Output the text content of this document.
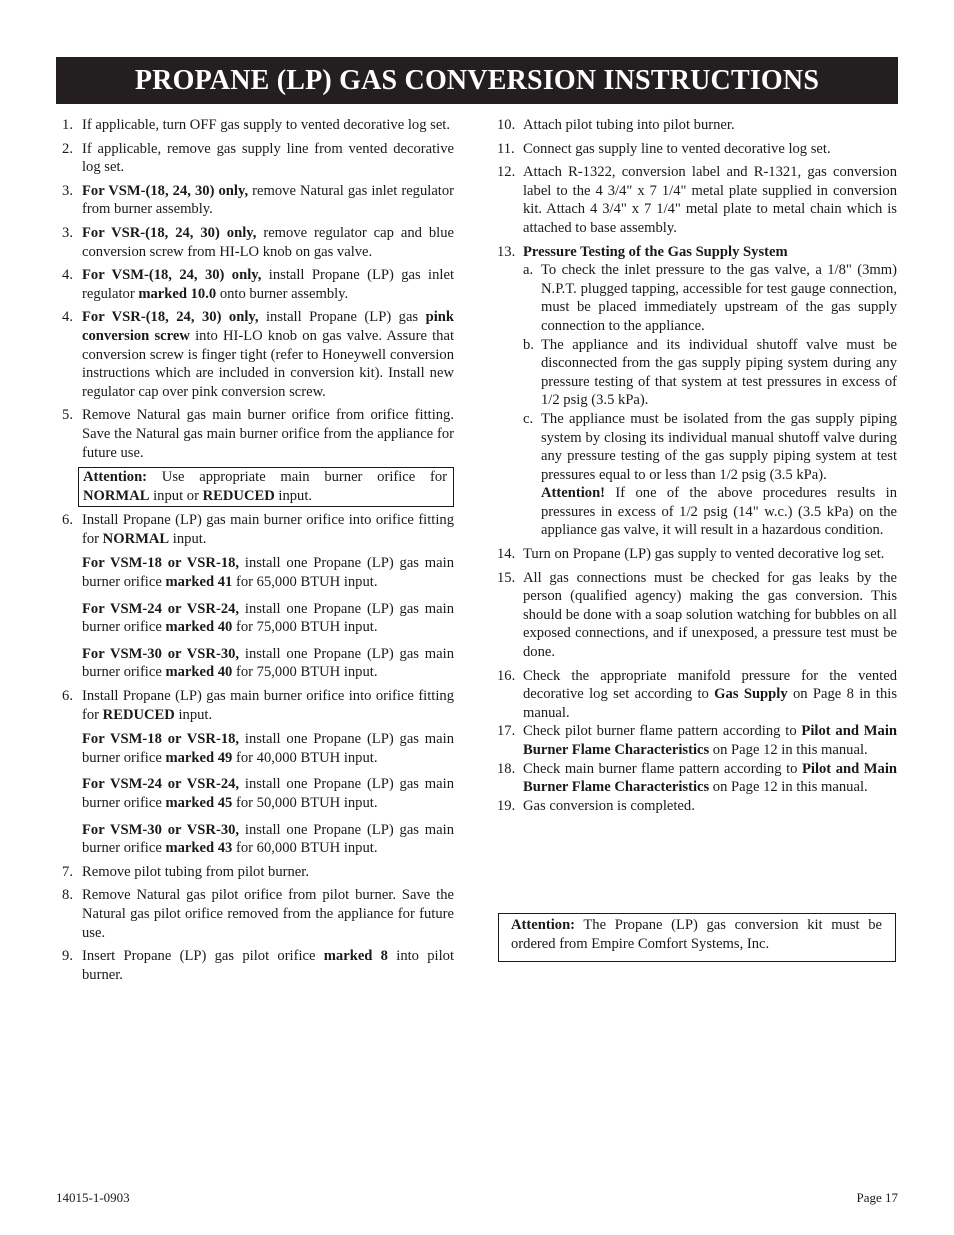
PROPANE (LP) GAS CONVERSION INSTRUCTIONS
1. If applicable, turn OFF gas supply to vented decorative log set.
2. If applicable, remove gas supply line from vented decorative log set.
3. For VSM-(18, 24, 30) only, remove Natural gas inlet regulator from burner assembly.
3. For VSR-(18, 24, 30) only, remove regulator cap and blue conversion screw from HI-LO knob on gas valve.
4. For VSM-(18, 24, 30) only, install Propane (LP) gas inlet regulator marked 10.0 onto burner assembly.
4. For VSR-(18, 24, 30) only, install Propane (LP) gas pink conversion screw into HI-LO knob on gas valve. Assure that conversion screw is finger tight (refer to Honeywell conversion instructions which are included in conversion kit). Install new regulator cap over pink conversion screw.
5. Remove Natural gas main burner orifice from orifice fitting. Save the Natural gas main burner orifice from the appliance for future use.
Attention: Use appropriate main burner orifice for NORMAL input or REDUCED input.
6. Install Propane (LP) gas main burner orifice into orifice fitting for NORMAL input.
For VSM-18 or VSR-18, install one Propane (LP) gas main burner orifice marked 41 for 65,000 BTUH input.
For VSM-24 or VSR-24, install one Propane (LP) gas main burner orifice marked 40 for 75,000 BTUH input.
For VSM-30 or VSR-30, install one Propane (LP) gas main burner orifice marked 40 for 75,000 BTUH input.
6. Install Propane (LP) gas main burner orifice into orifice fitting for REDUCED input.
For VSM-18 or VSR-18, install one Propane (LP) gas main burner orifice marked 49 for 40,000 BTUH input.
For VSM-24 or VSR-24, install one Propane (LP) gas main burner orifice marked 45 for 50,000 BTUH input.
For VSM-30 or VSR-30, install one Propane (LP) gas main burner orifice marked 43 for 60,000 BTUH input.
7. Remove pilot tubing from pilot burner.
8. Remove Natural gas pilot orifice from pilot burner. Save the Natural gas pilot orifice removed from the appliance for future use.
9. Insert Propane (LP) gas pilot orifice marked 8 into pilot burner.
10. Attach pilot tubing into pilot burner.
11. Connect gas supply line to vented decorative log set.
12. Attach R-1322, conversion label and R-1321, gas conversion label to the 4 3/4" x 7 1/4" metal plate supplied in conversion kit. Attach 4 3/4" x 7 1/4" metal plate to metal chain which is attached to base assembly.
13. Pressure Testing of the Gas Supply System
a. To check the inlet pressure to the gas valve, a 1/8" (3mm) N.P.T. plugged tapping, accessible for test gauge connection, must be placed immediately upstream of the gas supply connection to the appliance.
b. The appliance and its individual shutoff valve must be disconnected from the gas supply piping system during any pressure testing of that system at test pressures in excess of 1/2 psig (3.5 kPa).
c. The appliance must be isolated from the gas supply piping system by closing its individual manual shutoff valve during any pressure testing of the gas supply piping system at test pressures equal to or less than 1/2 psig (3.5 kPa).
Attention! If one of the above procedures results in pressures in excess of 1/2 psig (14" w.c.) (3.5 kPa) on the appliance gas valve, it will result in a hazardous condition.
14. Turn on Propane (LP) gas supply to vented decorative log set.
15. All gas connections must be checked for gas leaks by the person (qualified agency) making the gas conversion. This should be done with a soap solution watching for bubbles on all exposed connections, and if unexposed, a pressure test must be done.
16. Check the appropriate manifold pressure for the vented decorative log set according to Gas Supply on Page 8 in this manual.
17. Check pilot burner flame pattern according to Pilot and Main Burner Flame Characteristics on Page 12 in this manual.
18. Check main burner flame pattern according to Pilot and Main Burner Flame Characteristics on Page 12 in this manual.
19. Gas conversion is completed.
Attention: The Propane (LP) gas conversion kit must be ordered from Empire Comfort Systems, Inc.
14015-1-0903	Page 17
